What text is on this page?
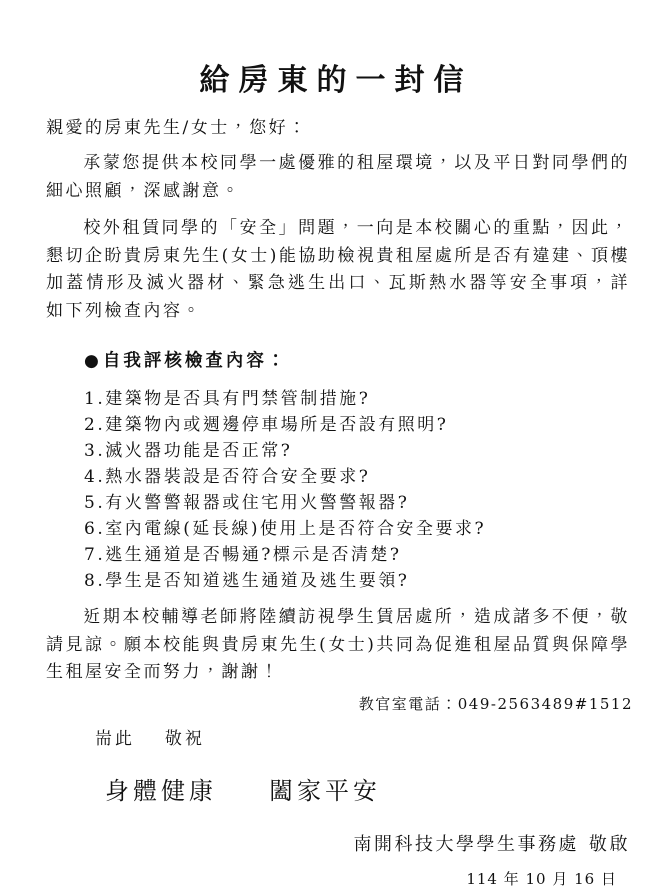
給房東的一封信

親愛的房東先生/女士，您好：

承蒙您提供本校同學一處優雅的租屋環境，以及平日對同學們的細心照顧，深感謝意。

校外租賃同學的「安全」問題，一向是本校關心的重點，因此，懇切企盼貴房東先生(女士)能協助檢視貴租屋處所是否有違建、頂樓加蓋情形及滅火器材、緊急逃生出口、瓦斯熱水器等安全事項，詳如下列檢查內容。

●自我評核檢查內容：
1.建築物是否具有門禁管制措施?
2.建築物內或週邊停車場所是否設有照明?
3.滅火器功能是否正常?
4.熱水器裝設是否符合安全要求?
5.有火警警報器或住宅用火警警報器?
6.室內電線(延長線)使用上是否符合安全要求?
7.逃生通道是否暢通?標示是否清楚?
8.學生是否知道逃生通道及逃生要領?

近期本校輔導老師將陸續訪視學生賃居處所，造成諸多不便，敬請見諒。願本校能與貴房東先生(女士)共同為促進租屋品質與保障學生租屋安全而努力，謝謝！

教官室電話：049-2563489#1512

耑此 敬祝

身體健康 闔家平安

南開科技大學學生事務處 敬啟

114 年 10 月 16 日
